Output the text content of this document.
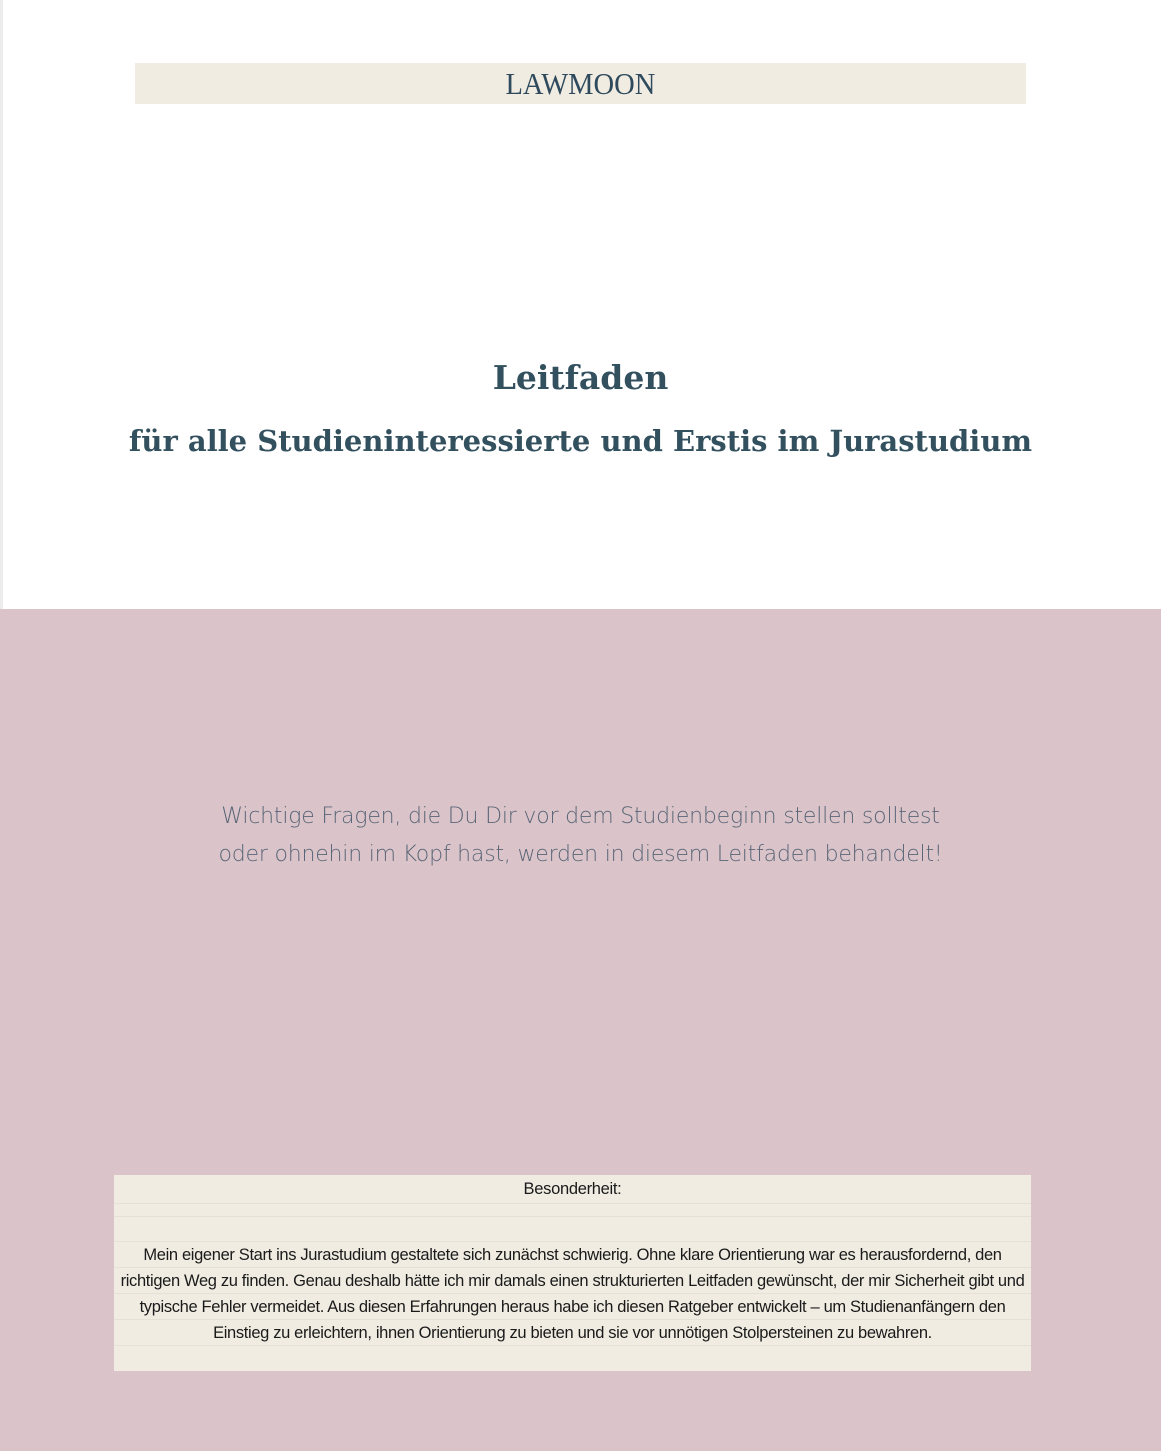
LAWMOON
Leitfaden
für alle Studieninteressierte und Erstis im Jurastudium
Wichtige Fragen, die Du Dir vor dem Studienbeginn stellen solltest
oder ohnehin im Kopf hast, werden in diesem Leitfaden behandelt!
Besonderheit:
Mein eigener Start ins Jurastudium gestaltete sich zunächst schwierig. Ohne klare Orientierung war es herausfordernd, den richtigen Weg zu finden. Genau deshalb hätte ich mir damals einen strukturierten Leitfaden gewünscht, der mir Sicherheit gibt und typische Fehler vermeidet. Aus diesen Erfahrungen heraus habe ich diesen Ratgeber entwickelt – um Studienanfängern den Einstieg zu erleichtern, ihnen Orientierung zu bieten und sie vor unnötigen Stolpersteinen zu bewahren.
